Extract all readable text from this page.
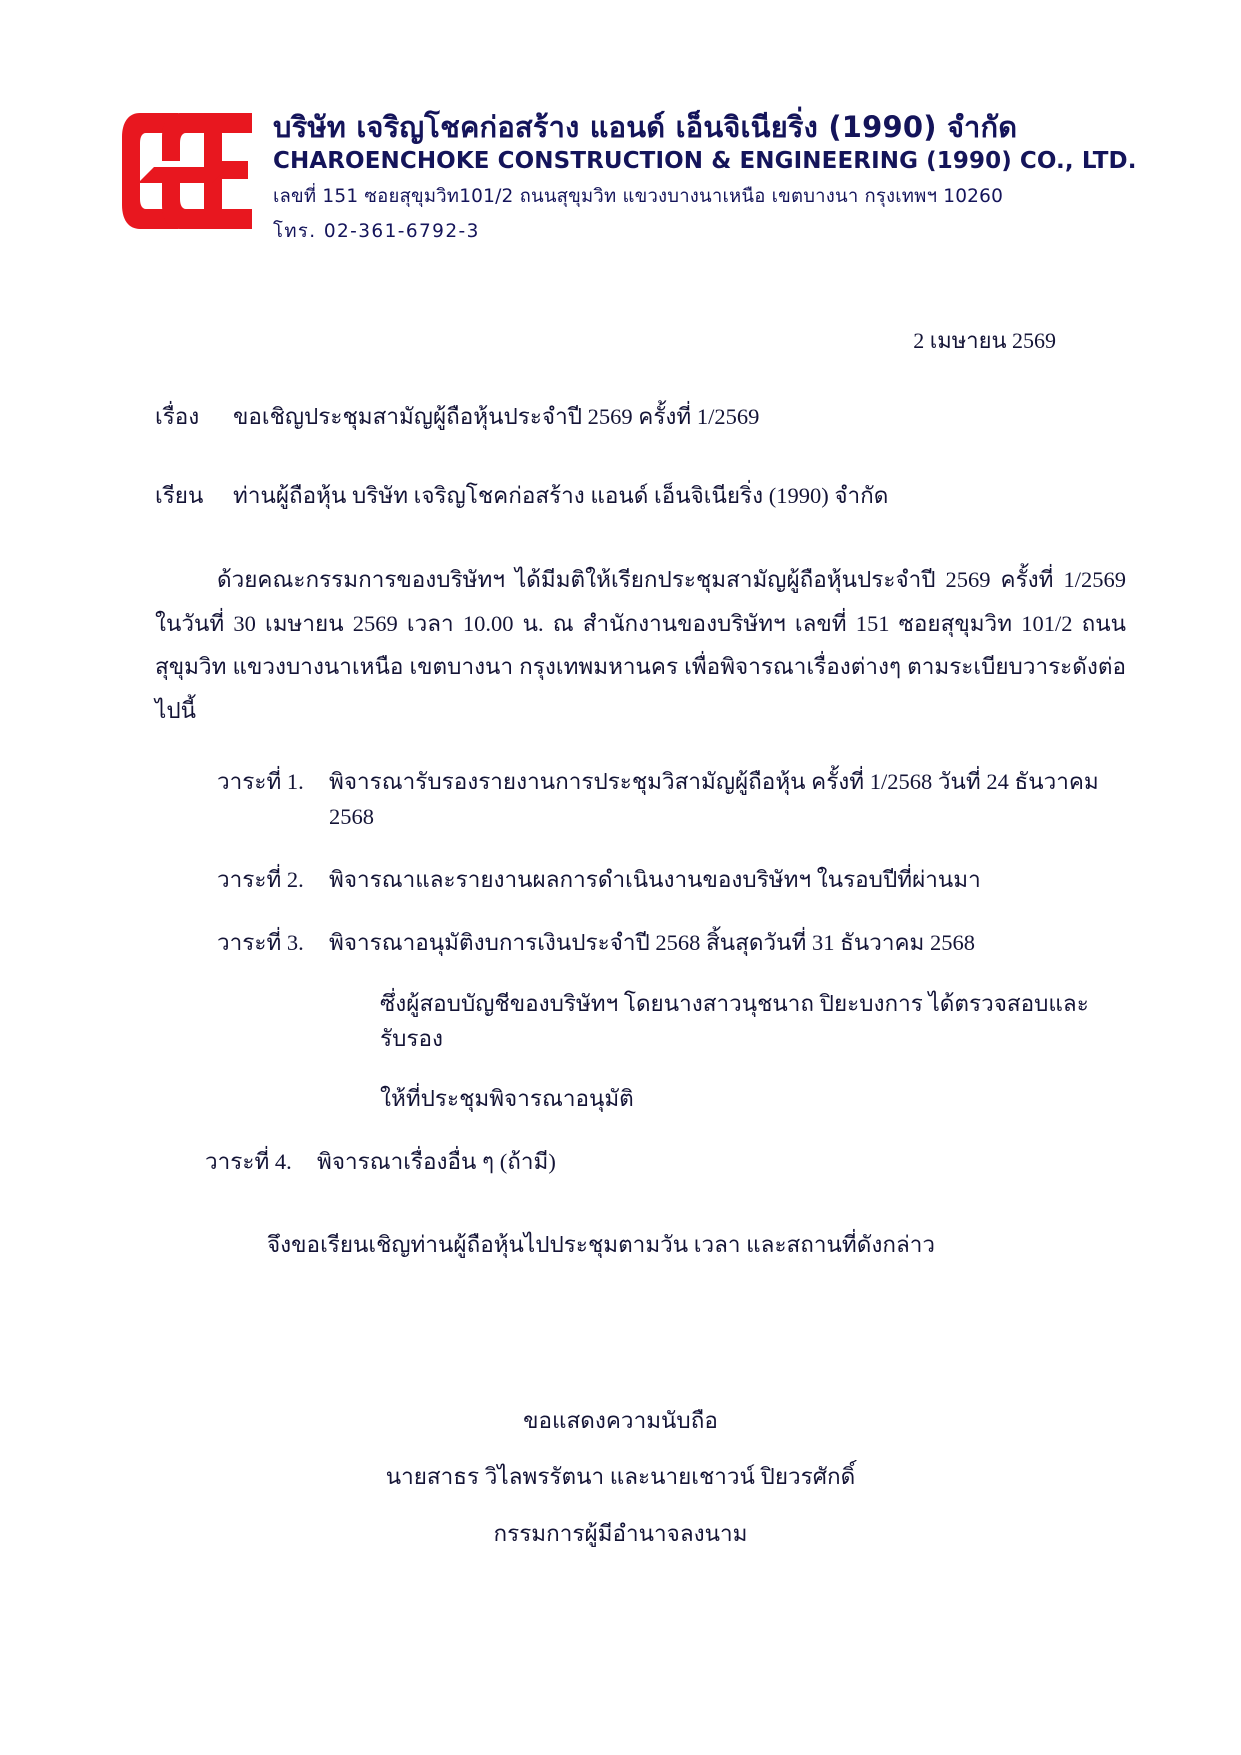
บริษัท เจริญโชคก่อสร้าง แอนด์ เอ็นจิเนียริ่ง (1990) จำกัด
CHAROENCHOKE CONSTRUCTION & ENGINEERING (1990) CO., LTD.
เลขที่ 151 ซอยสุขุมวิท101/2 ถนนสุขุมวิท แขวงบางนาเหนือ เขตบางนา กรุงเทพฯ 10260
โทร. 02-361-6792-3
2 เมษายน 2569
เรื่อง	ขอเชิญประชุมสามัญผู้ถือหุ้นประจำปี 2569 ครั้งที่ 1/2569
เรียน	ท่านผู้ถือหุ้น บริษัท เจริญโชคก่อสร้าง แอนด์ เอ็นจิเนียริ่ง (1990) จำกัด
ด้วยคณะกรรมการของบริษัทฯ ได้มีมติให้เรียกประชุมสามัญผู้ถือหุ้นประจำปี 2569 ครั้งที่ 1/2569 ในวันที่ 30 เมษายน 2569 เวลา 10.00 น. ณ สำนักงานของบริษัทฯ เลขที่ 151 ซอยสุขุมวิท 101/2 ถนนสุขุมวิท แขวงบางนาเหนือ เขตบางนา กรุงเทพมหานคร เพื่อพิจารณาเรื่องต่างๆ ตามระเบียบวาระดังต่อไปนี้
วาระที่ 1.	พิจารณารับรองรายงานการประชุมวิสามัญผู้ถือหุ้น ครั้งที่ 1/2568 วันที่ 24 ธันวาคม 2568
วาระที่ 2.	พิจารณาและรายงานผลการดำเนินงานของบริษัทฯ ในรอบปีที่ผ่านมา
วาระที่ 3.	พิจารณาอนุมัติงบการเงินประจำปี 2568 สิ้นสุดวันที่ 31 ธันวาคม 2568
ซึ่งผู้สอบบัญชีของบริษัทฯ โดยนางสาวนุชนาถ ปิยะบงการ ได้ตรวจสอบและรับรอง
ให้ที่ประชุมพิจารณาอนุมัติ
วาระที่ 4.	พิจารณาเรื่องอื่น ๆ (ถ้ามี)
จึงขอเรียนเชิญท่านผู้ถือหุ้นไปประชุมตามวัน เวลา และสถานที่ดังกล่าว
ขอแสดงความนับถือ
นายสาธร วิไลพรรัตนา และนายเชาวน์ ปิยวรศักดิ์
กรรมการผู้มีอำนาจลงนาม
